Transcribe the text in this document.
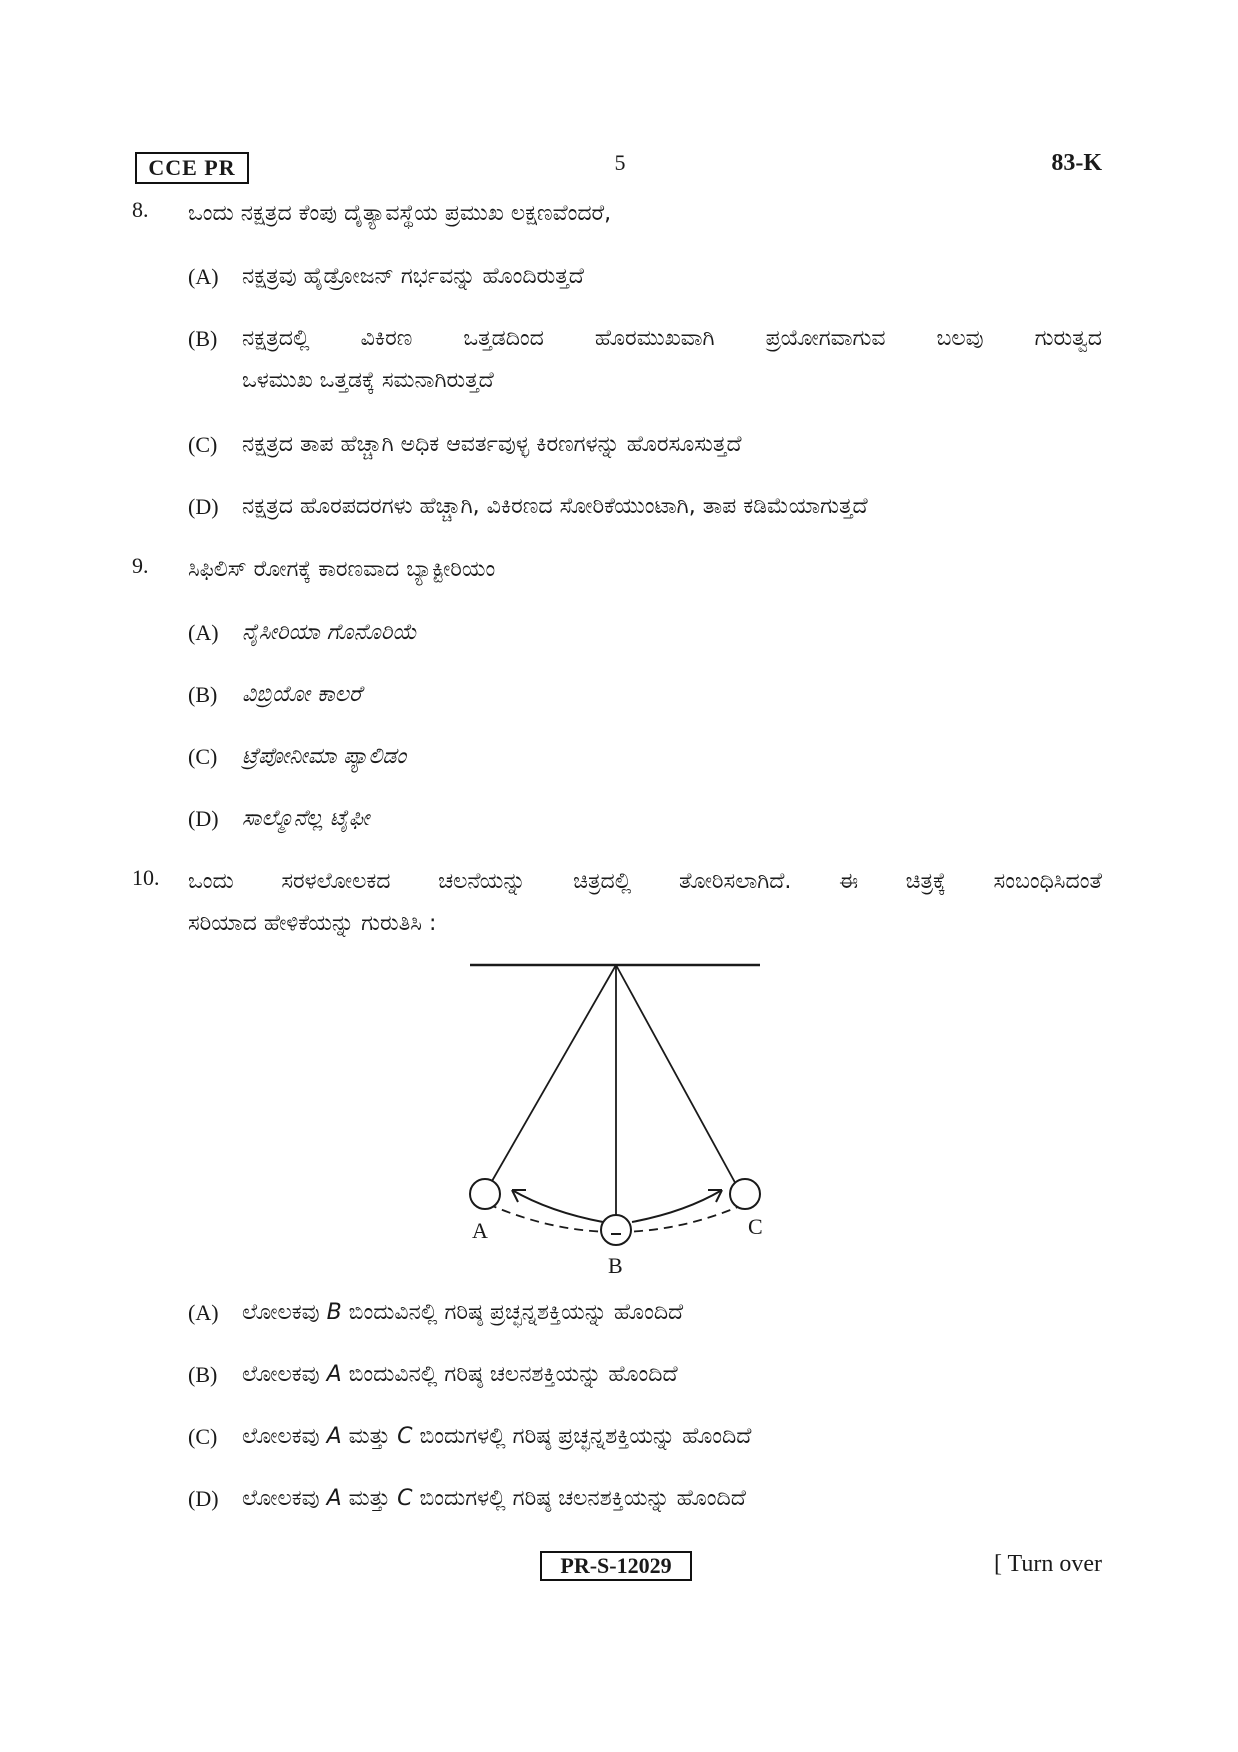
CCE PR	5	83-K
8. ಒಂದು ನಕ್ಷತ್ರದ ಕೆಂಪು ದೈತ್ಯಾವಸ್ಥೆಯ ಪ್ರಮುಖ ಲಕ್ಷಣವೆಂದರೆ,
(A)	ನಕ್ಷತ್ರವು ಹೈಡ್ರೋಜನ್ ಗರ್ಭವನ್ನು ಹೊಂದಿರುತ್ತದೆ
(B)	ನಕ್ಷತ್ರದಲ್ಲಿ ವಿಕಿರಣ ಒತ್ತಡದಿಂದ ಹೊರಮುಖವಾಗಿ ಪ್ರಯೋಗವಾಗುವ ಬಲವು ಗುರುತ್ವದ
ಒಳಮುಖ ಒತ್ತಡಕ್ಕೆ ಸಮನಾಗಿರುತ್ತದೆ
(C)	ನಕ್ಷತ್ರದ ತಾಪ ಹೆಚ್ಚಾಗಿ ಅಧಿಕ ಆವರ್ತವುಳ್ಳ ಕಿರಣಗಳನ್ನು ಹೊರಸೂಸುತ್ತದೆ
(D)	ನಕ್ಷತ್ರದ ಹೊರಪದರಗಳು ಹೆಚ್ಚಾಗಿ, ವಿಕಿರಣದ ಸೋರಿಕೆಯುಂಟಾಗಿ, ತಾಪ ಕಡಿಮೆಯಾಗುತ್ತದೆ
9. ಸಿಫಿಲಿಸ್ ರೋಗಕ್ಕೆ ಕಾರಣವಾದ ಬ್ಯಾಕ್ಟೀರಿಯಂ
(A)	ನೈಸೀರಿಯಾ ಗೊನೊರಿಯೆ
(B)	ವಿಬ್ರಿಯೋ ಕಾಲರೆ
(C)	ಟ್ರೆಪೋನೀಮಾ ಪ್ಯಾಲಿಡಂ
(D)	ಸಾಲ್ಮೊನೆಲ್ಲ ಟೈಫೀ
10. ಒಂದು ಸರಳಲೋಲಕದ ಚಲನೆಯನ್ನು ಚಿತ್ರದಲ್ಲಿ ತೋರಿಸಲಾಗಿದೆ. ಈ ಚಿತ್ರಕ್ಕೆ ಸಂಬಂಧಿಸಿದಂತೆ
ಸರಿಯಾದ ಹೇಳಿಕೆಯನ್ನು ಗುರುತಿಸಿ :
A
B
C
(A)	ಲೋಲಕವು B ಬಿಂದುವಿನಲ್ಲಿ ಗರಿಷ್ಠ ಪ್ರಚ್ಛನ್ನಶಕ್ತಿಯನ್ನು ಹೊಂದಿದೆ
(B)	ಲೋಲಕವು A ಬಿಂದುವಿನಲ್ಲಿ ಗರಿಷ್ಠ ಚಲನಶಕ್ತಿಯನ್ನು ಹೊಂದಿದೆ
(C)	ಲೋಲಕವು A ಮತ್ತು C ಬಿಂದುಗಳಲ್ಲಿ ಗರಿಷ್ಠ ಪ್ರಚ್ಛನ್ನಶಕ್ತಿಯನ್ನು ಹೊಂದಿದೆ
(D)	ಲೋಲಕವು A ಮತ್ತು C ಬಿಂದುಗಳಲ್ಲಿ ಗರಿಷ್ಠ ಚಲನಶಕ್ತಿಯನ್ನು ಹೊಂದಿದೆ
PR-S-12029	[ Turn over
